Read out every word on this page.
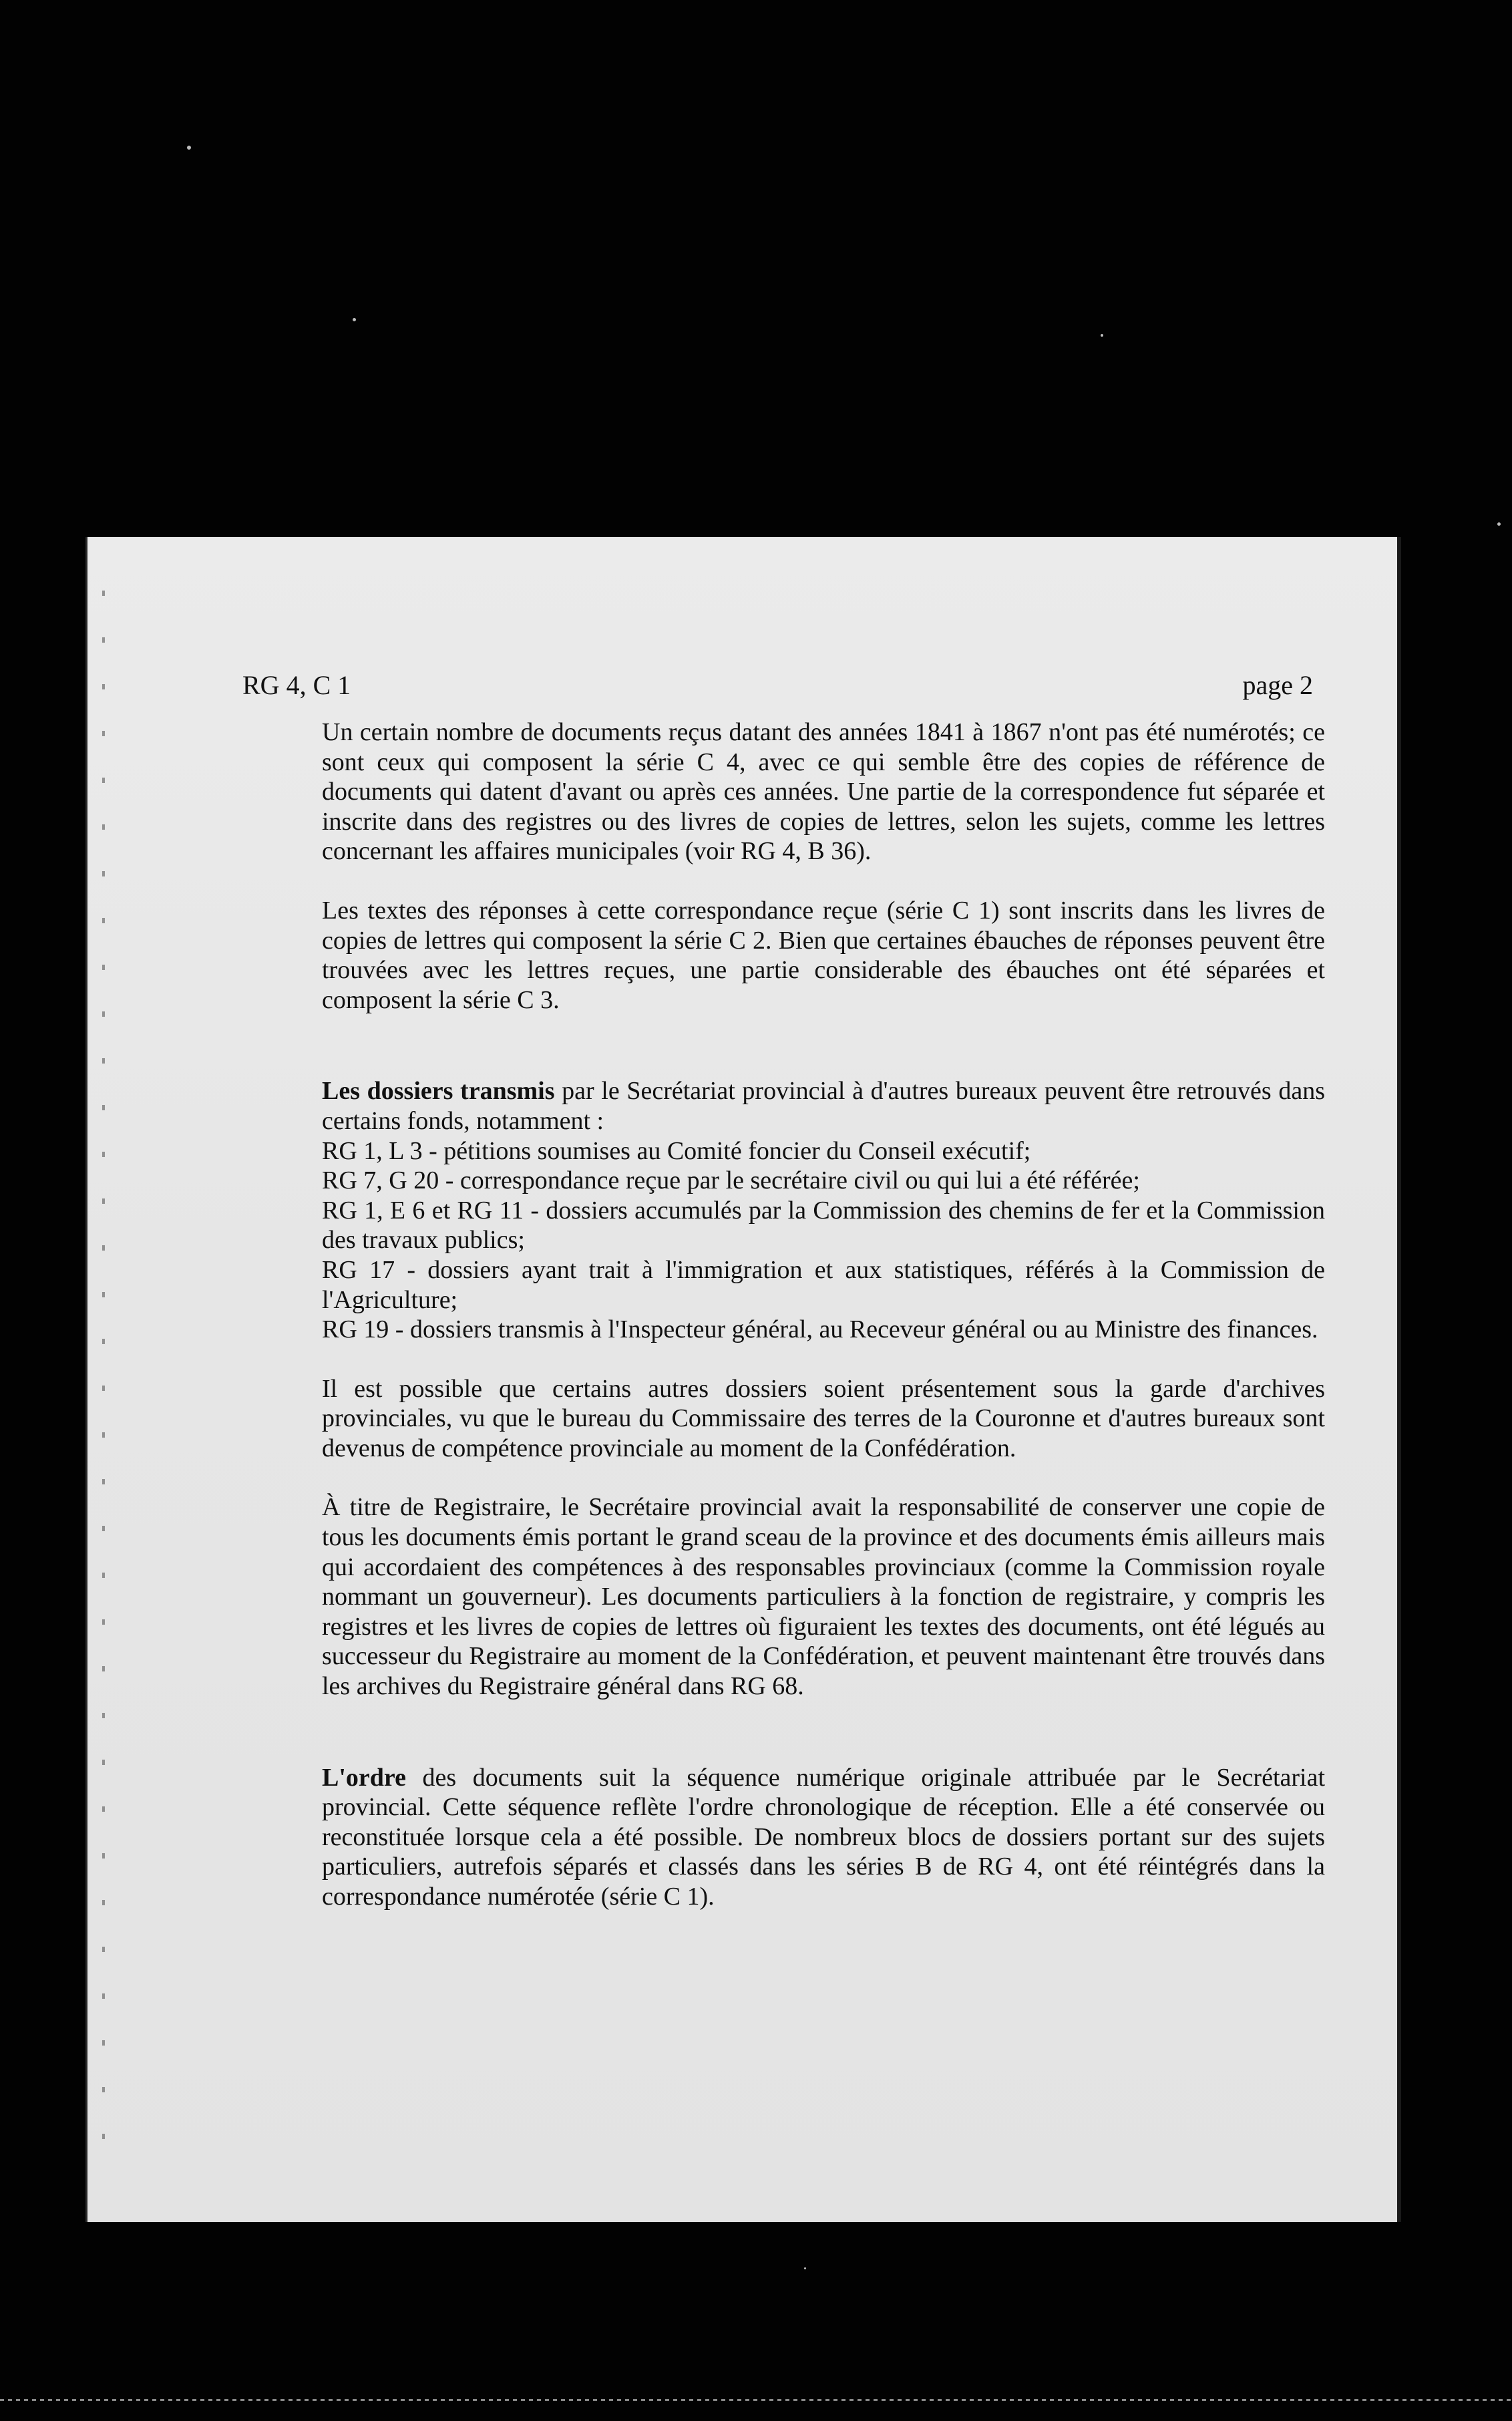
RG 4, C 1	page 2

Un certain nombre de documents reçus datant des années 1841 à 1867 n'ont pas été numérotés; ce sont ceux qui composent la série C 4, avec ce qui semble être des copies de référence de documents qui datent d'avant ou après ces années. Une partie de la correspondence fut séparée et inscrite dans des registres ou des livres de copies de lettres, selon les sujets, comme les lettres concernant les affaires municipales (voir RG 4, B 36).

Les textes des réponses à cette correspondance reçue (série C 1) sont inscrits dans les livres de copies de lettres qui composent la série C 2. Bien que certaines ébauches de réponses peuvent être trouvées avec les lettres reçues, une partie considerable des ébauches ont été séparées et composent la série C 3.

Les dossiers transmis par le Secrétariat provincial à d'autres bureaux peuvent être retrouvés dans certains fonds, notamment :

RG 1, L 3 - pétitions soumises au Comité foncier du Conseil exécutif;

RG 7, G 20 - correspondance reçue par le secrétaire civil ou qui lui a été référée;

RG 1, E 6 et RG 11 - dossiers accumulés par la Commission des chemins de fer et la Commission des travaux publics;

RG 17 - dossiers ayant trait à l'immigration et aux statistiques, référés à la Commission de l'Agriculture;

RG 19 - dossiers transmis à l'Inspecteur général, au Receveur général ou au Ministre des finances.

Il est possible que certains autres dossiers soient présentement sous la garde d'archives provinciales, vu que le bureau du Commissaire des terres de la Couronne et d'autres bureaux sont devenus de compétence provinciale au moment de la Confédération.

À titre de Registraire, le Secrétaire provincial avait la responsabilité de conserver une copie de tous les documents émis portant le grand sceau de la province et des documents émis ailleurs mais qui accordaient des compétences à des responsables provinciaux (comme la Commission royale nommant un gouverneur). Les documents particuliers à la fonction de registraire, y compris les registres et les livres de copies de lettres où figuraient les textes des documents, ont été légués au successeur du Registraire au moment de la Confédération, et peuvent maintenant être trouvés dans les archives du Registraire général dans RG 68.

L'ordre des documents suit la séquence numérique originale attribuée par le Secrétariat provincial. Cette séquence reflète l'ordre chronologique de réception. Elle a été conservée ou reconstituée lorsque cela a été possible. De nombreux blocs de dossiers portant sur des sujets particuliers, autrefois séparés et classés dans les séries B de RG 4, ont été réintégrés dans la correspondance numérotée (série C 1).
